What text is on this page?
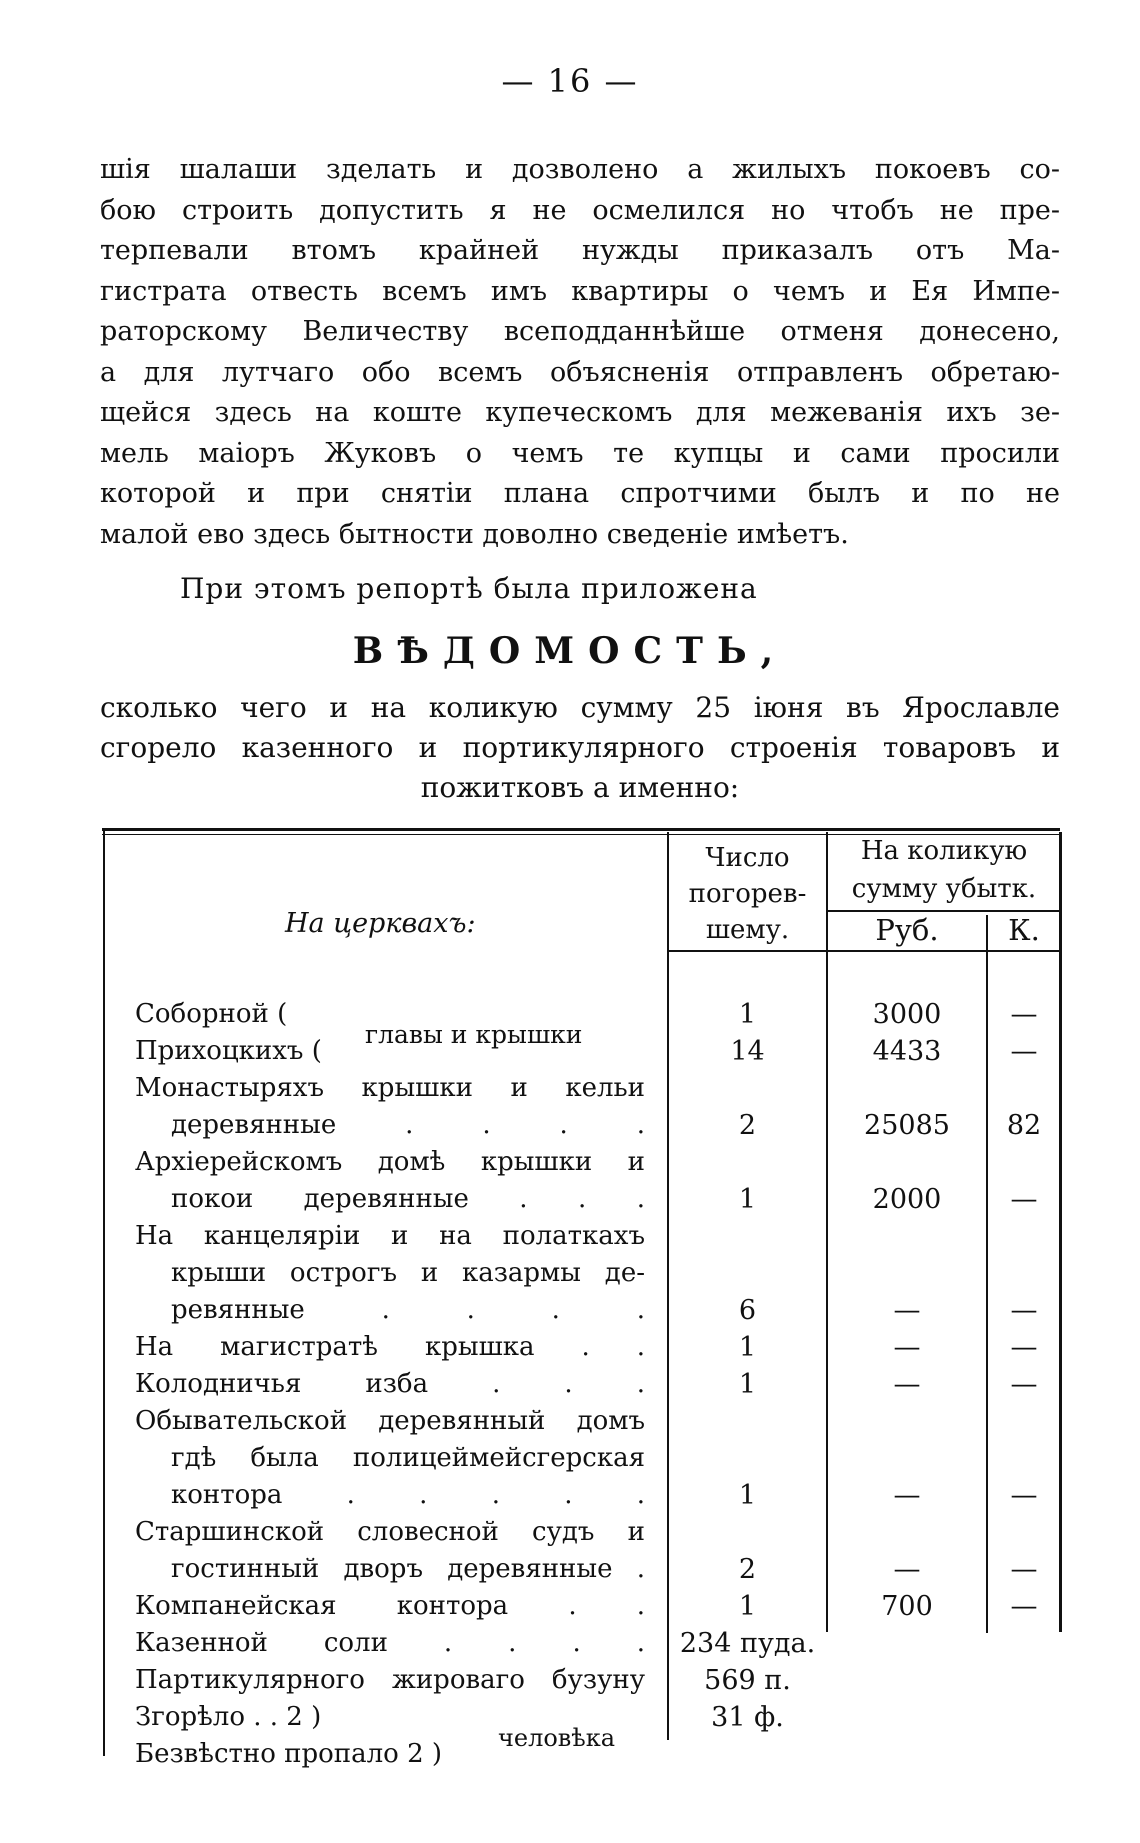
— 16 —
шія шалаши зделать и дозволено а жилыхъ покоевъ со-
бою строить допустить я не осмелился но чтобъ не пре-
терпевали втомъ крайней нужды приказалъ отъ Ма-
гистрата отвесть всемъ имъ квартиры о чемъ и Ея Импе-
раторскому Величеству всеподданнѣйше отменя донесено,
а для лутчаго обо всемъ объясненія отправленъ обретаю-
щейся здесь на коште купеческомъ для межеванія ихъ зе-
мель маіоръ Жуковъ о чемъ те купцы и сами просили
которой и при снятіи плана спротчими былъ и по не
малой ево здесь бытности доволно сведеніе имѣетъ.
При этомъ репортѣ была приложена
ВѢДОМОСТЬ,
сколько чего и на коликую сумму 25 іюня въ Ярославле
сгорело казенного и портикулярного строенія товаровъ и
пожитковъ а именно:
На церквахъ:
Число
погорев-
шему.
На коликую
сумму убытк.
Руб.	К.
Соборной (	1	3000	—
Прихоцкихъ (	14	4433	—
главы и крышки
Монастыряхъ крышки и кельи
деревянные . . . .	2	25085	82
Архіерейскомъ домѣ крышки и
покои деревянные . . .	1	2000	—
На канцеляріи и на полаткахъ
крыши острогъ и казармы де-
ревянные . . . .	6	—	—
На магистратѣ крышка . .	1	—	—
Колодничья изба . . .	1	—	—
Обывательской деревянный домъ
гдѣ была полицеймейсгерская
контора . . . . .	1	—	—
Старшинской словесной судъ и
гостинный дворъ деревянные .	2	—	—
Компанейская контора . .	1	700	—
Казенной соли . . . .	234 пуда.
Партикулярного жироваго бузуну	569 п.
Згорѣло . . 2 )	31 ф.
Безвѣстно пропало 2 )
человѣка
